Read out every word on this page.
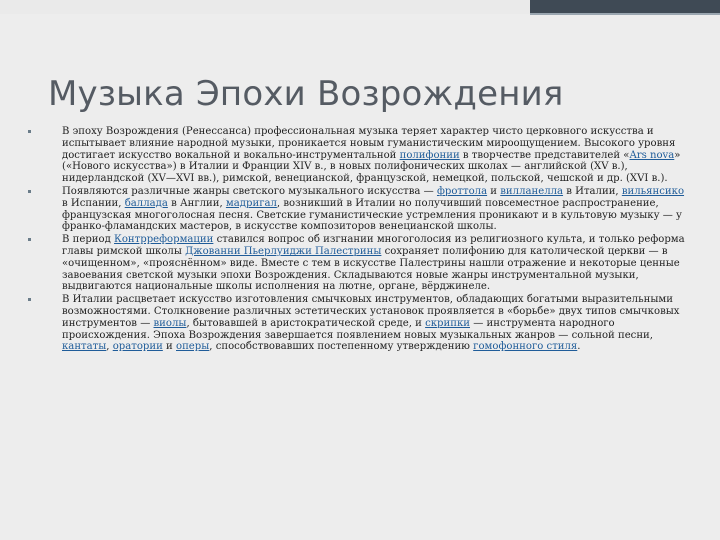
Музыка Эпохи Возрождения
В эпоху Возрождения (Ренессанса) профессиональная музыка теряет характер чисто церковного искусства и испытывает влияние народной музыки, проникается новым гуманистическим мироощущением. Высокого уровня достигает искусство вокальной и вокально-инструментальной полифонии в творчестве представителей «Ars nova» («Нового искусства») в Италии и Франции XIV в., в новых полифонических школах — английской (XV в.), нидерландской (XV—XVI вв.), римской, венецианской, французской, немецкой, польской, чешской и др. (XVI в.).
Появляются различные жанры светского музыкального искусства — фроттола и вилланелла в Италии, вильянсико в Испании, баллада в Англии, мадригал, возникший в Италии но получивший повсеместное распространение, французская многоголосная песня. Светские гуманистические устремления проникают и в культовую музыку — у франко-фламандских мастеров, в искусстве композиторов венецианской школы.
В период Контрреформации ставился вопрос об изгнании многоголосия из религиозного культа, и только реформа главы римской школы Джованни Пьерлуиджи Палестрины сохраняет полифонию для католической церкви — в «очищенном», «прояснённом» виде. Вместе с тем в искусстве Палестрины нашли отражение и некоторые ценные завоевания светской музыки эпохи Возрождения. Складываются новые жанры инструментальной музыки, выдвигаются национальные школы исполнения на лютне, органе, вёрджинеле.
В Италии расцветает искусство изготовления смычковых инструментов, обладающих богатыми выразительными возможностями. Столкновение различных эстетических установок проявляется в «борьбе» двух типов смычковых инструментов — виолы, бытовавшей в аристократической среде, и скрипки — инструмента народного происхождения. Эпоха Возрождения завершается появлением новых музыкальных жанров — сольной песни, кантаты, оратории и оперы, способствовавших постепенному утверждению гомофонного стиля.
